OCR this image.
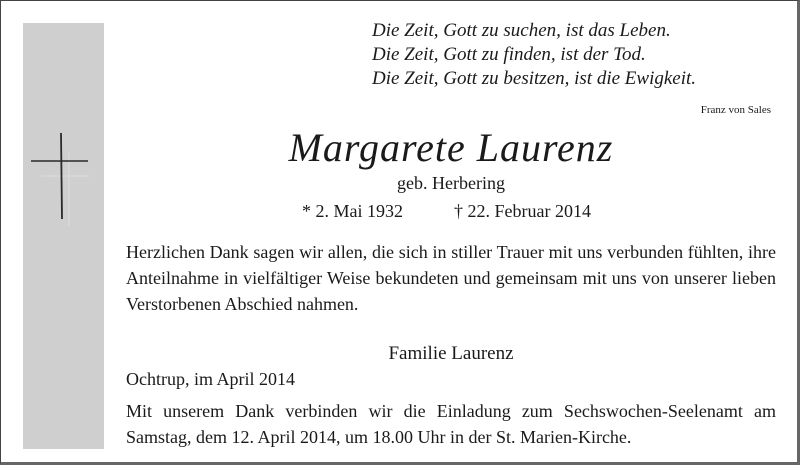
Die Zeit, Gott zu suchen, ist das Leben.
Die Zeit, Gott zu finden, ist der Tod.
Die Zeit, Gott zu besitzen, ist die Ewigkeit.
Franz von Sales
Margarete Laurenz
geb. Herbering
* 2. Mai 1932	† 22. Februar 2014
Herzlichen Dank sagen wir allen, die sich in stiller Trauer mit uns verbunden fühlten, ihre Anteilnahme in vielfältiger Weise bekundeten und gemeinsam mit uns von unserer lieben Verstorbenen Abschied nahmen.
Familie Laurenz
Ochtrup, im April 2014
Mit unserem Dank verbinden wir die Einladung zum Sechswochen-Seelenamt am Samstag, dem 12. April 2014, um 18.00 Uhr in der St. Marien-Kirche.
